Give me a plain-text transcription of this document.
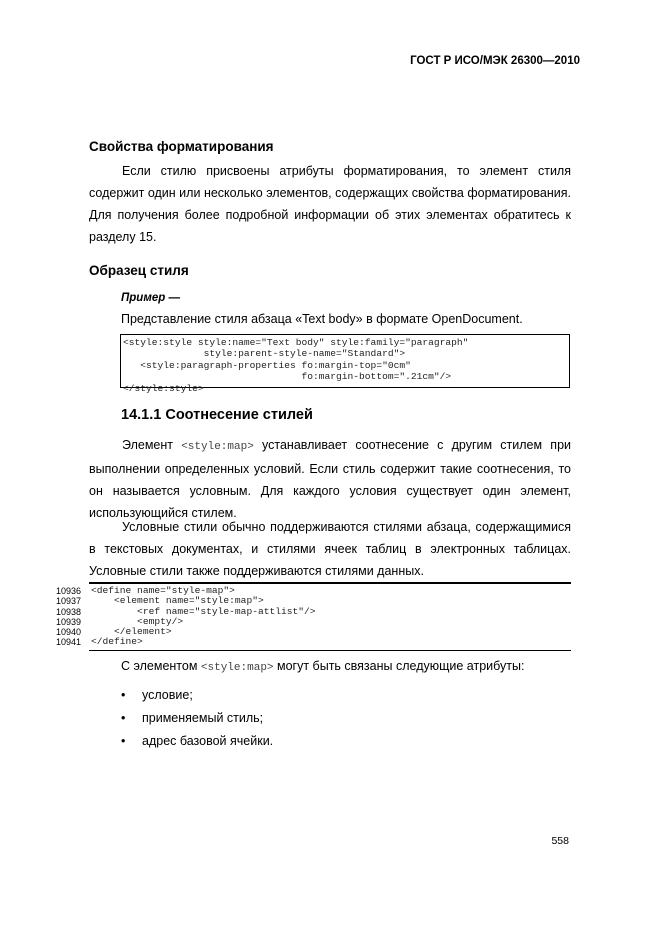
ГОСТ Р ИСО/МЭК 26300—2010
Свойства форматирования
Если стилю присвоены атрибуты форматирования, то элемент стиля содержит один или несколько элементов, содержащих свойства форматирования. Для получения более подробной информации об этих элементах обратитесь к разделу 15.
Образец стиля
Пример —
Представление стиля абзаца «Text body» в формате OpenDocument.
<style:style style:name="Text body" style:family="paragraph"
style:parent-style-name="Standard">
<style:paragraph-properties fo:margin-top="0cm"
fo:margin-bottom=".21cm"/>
</style:style>
14.1.1 Соотнесение стилей
Элемент <style:map> устанавливает соотнесение с другим стилем при выполнении определенных условий. Если стиль содержит такие соотнесения, то он называется условным. Для каждого условия существует один элемент, использующийся стилем.
Условные стили обычно поддерживаются стилями абзаца, содержащимися в текстовых документах, и стилями ячеек таблиц в электронных таблицах. Условные стили также поддерживаются стилями данных.
10936
10937
10938
10939
10940
10941
<define name="style-map">
<element name="style:map">
<ref name="style-map-attlist"/>
<empty/>
</element>
</define>
С элементом <style:map> могут быть связаны следующие атрибуты:
• условие;
• применяемый стиль;
• адрес базовой ячейки.
558
